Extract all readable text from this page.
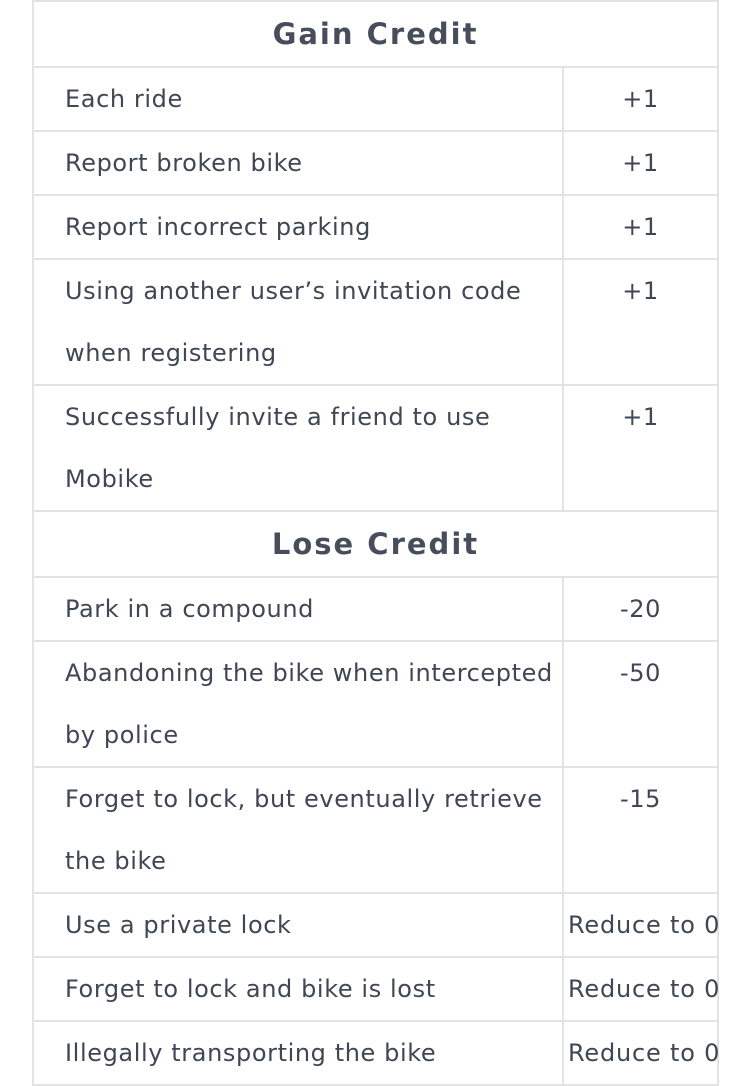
Gain Credit	
Each ride	+1
Report broken bike	+1
Report incorrect parking	+1
Using another user’s invitation code when registering	+1
Successfully invite a friend to use Mobike	+1
Lose Credit	
Park in a compound	-20
Abandoning the bike when intercepted by police	-50
Forget to lock, but eventually retrieve the bike	-15
Use a private lock	Reduce to 0
Forget to lock and bike is lost	Reduce to 0
Illegally transporting the bike	Reduce to 0
